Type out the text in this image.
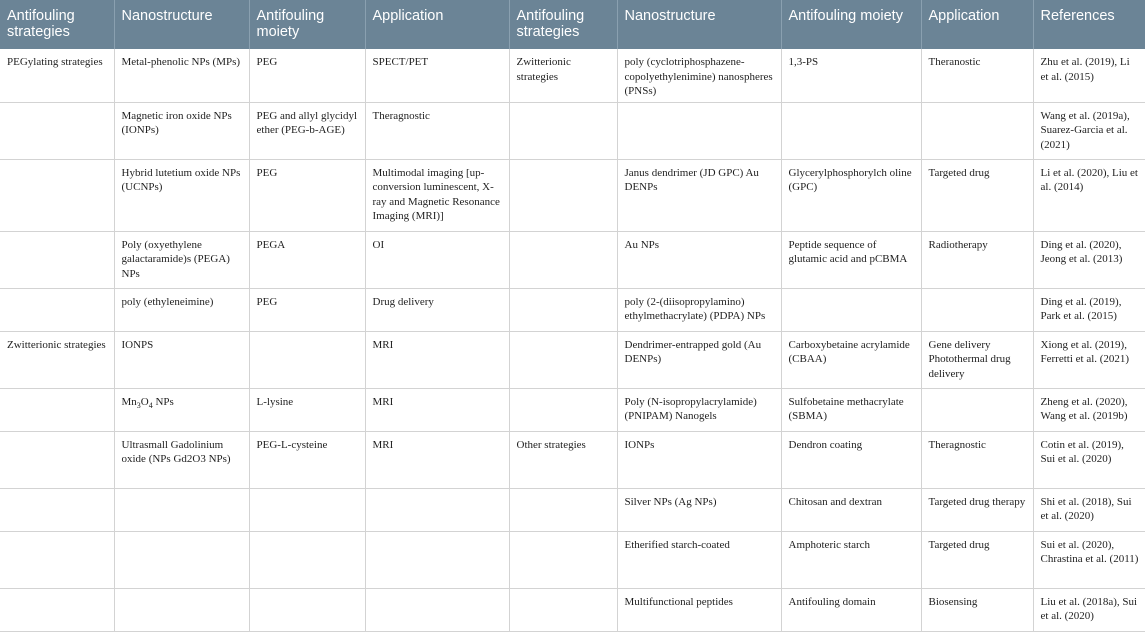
Antifouling strategies	Nanostructure	Antifouling moiety	Application	Antifouling strategies	Nanostructure	Antifouling moiety	Application	References
PEGylating strategies	Metal-phenolic NPs (MPs)	PEG	SPECT/PET	Zwitterionic strategies	poly (cyclotriphosphazene-copolyethylenimine) nanospheres (PNSs)	1,3-PS	Theranostic	Zhu et al. (2019), Li et al. (2015)
	Magnetic iron oxide NPs (IONPs)	PEG and allyl glycidyl ether (PEG-b-AGE)	Theragnostic					Wang et al. (2019a), Suarez-Garcia et al. (2021)
	Hybrid lutetium oxide NPs (UCNPs)	PEG	Multimodal imaging [up-conversion luminescent, X-ray and Magnetic Resonance Imaging (MRI)]		Janus dendrimer (JD GPC) Au DENPs	Glycerylphosphorylch oline (GPC)	Targeted drug	Li et al. (2020), Liu et al. (2014)
	Poly (oxyethylene galactaramide)s (PEGA) NPs	PEGA	OI		Au NPs	Peptide sequence of glutamic acid and pCBMA	Radiotherapy	Ding et al. (2020), Jeong et al. (2013)
	poly (ethyleneimine)	PEG	Drug delivery		poly (2-(diisopropylamino) ethylmethacrylate) (PDPA) NPs			Ding et al. (2019), Park et al. (2015)
Zwitterionic strategies	IONPS		MRI		Dendrimer-entrapped gold (Au DENPs)	Carboxybetaine acrylamide (CBAA)	Gene delivery Photothermal drug delivery	Xiong et al. (2019), Ferretti et al. (2021)
	$Mn_3O_4$ NPs	L-lysine	MRI		Poly (N-isopropylacrylamide) (PNIPAM) Nanogels	Sulfobetaine methacrylate (SBMA)		Zheng et al. (2020), Wang et al. (2019b)
	Ultrasmall Gadolinium oxide (NPs Gd2O3 NPs)	PEG-L-cysteine	MRI	Other strategies	IONPs	Dendron coating	Theragnostic	Cotin et al. (2019), Sui et al. (2020)
					Silver NPs (Ag NPs)	Chitosan and dextran	Targeted drug therapy	Shi et al. (2018), Sui et al. (2020)
					Etherified starch-coated	Amphoteric starch	Targeted drug	Sui et al. (2020), Chrastina et al. (2011)
					Multifunctional peptides	Antifouling domain	Biosensing	Liu et al. (2018a), Sui et al. (2020)
